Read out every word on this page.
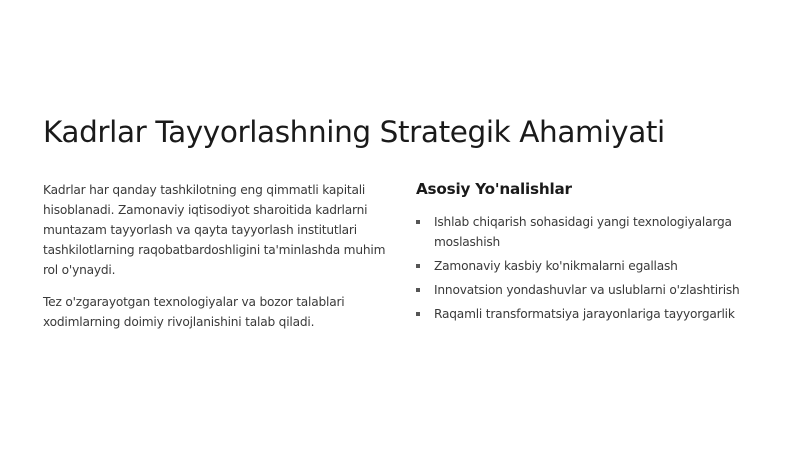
Kadrlar Tayyorlashning Strategik Ahamiyati

Kadrlar har qanday tashkilotning eng qimmatli kapitali hisoblanadi. Zamonaviy iqtisodiyot sharoitida kadrlarni muntazam tayyorlash va qayta tayyorlash institutlari tashkilotlarning raqobatbardoshligini ta'minlashda muhim rol o'ynaydi.

Tez o'zgarayotgan texnologiyalar va bozor talablari xodimlarning doimiy rivojlanishini talab qiladi.

Asosiy Yo'nalishlar
Ishlab chiqarish sohasidagi yangi texnologiyalarga moslashish
Zamonaviy kasbiy ko'nikmalarni egallash
Innovatsion yondashuvlar va uslublarni o'zlashtirish
Raqamli transformatsiya jarayonlariga tayyorgarlik
